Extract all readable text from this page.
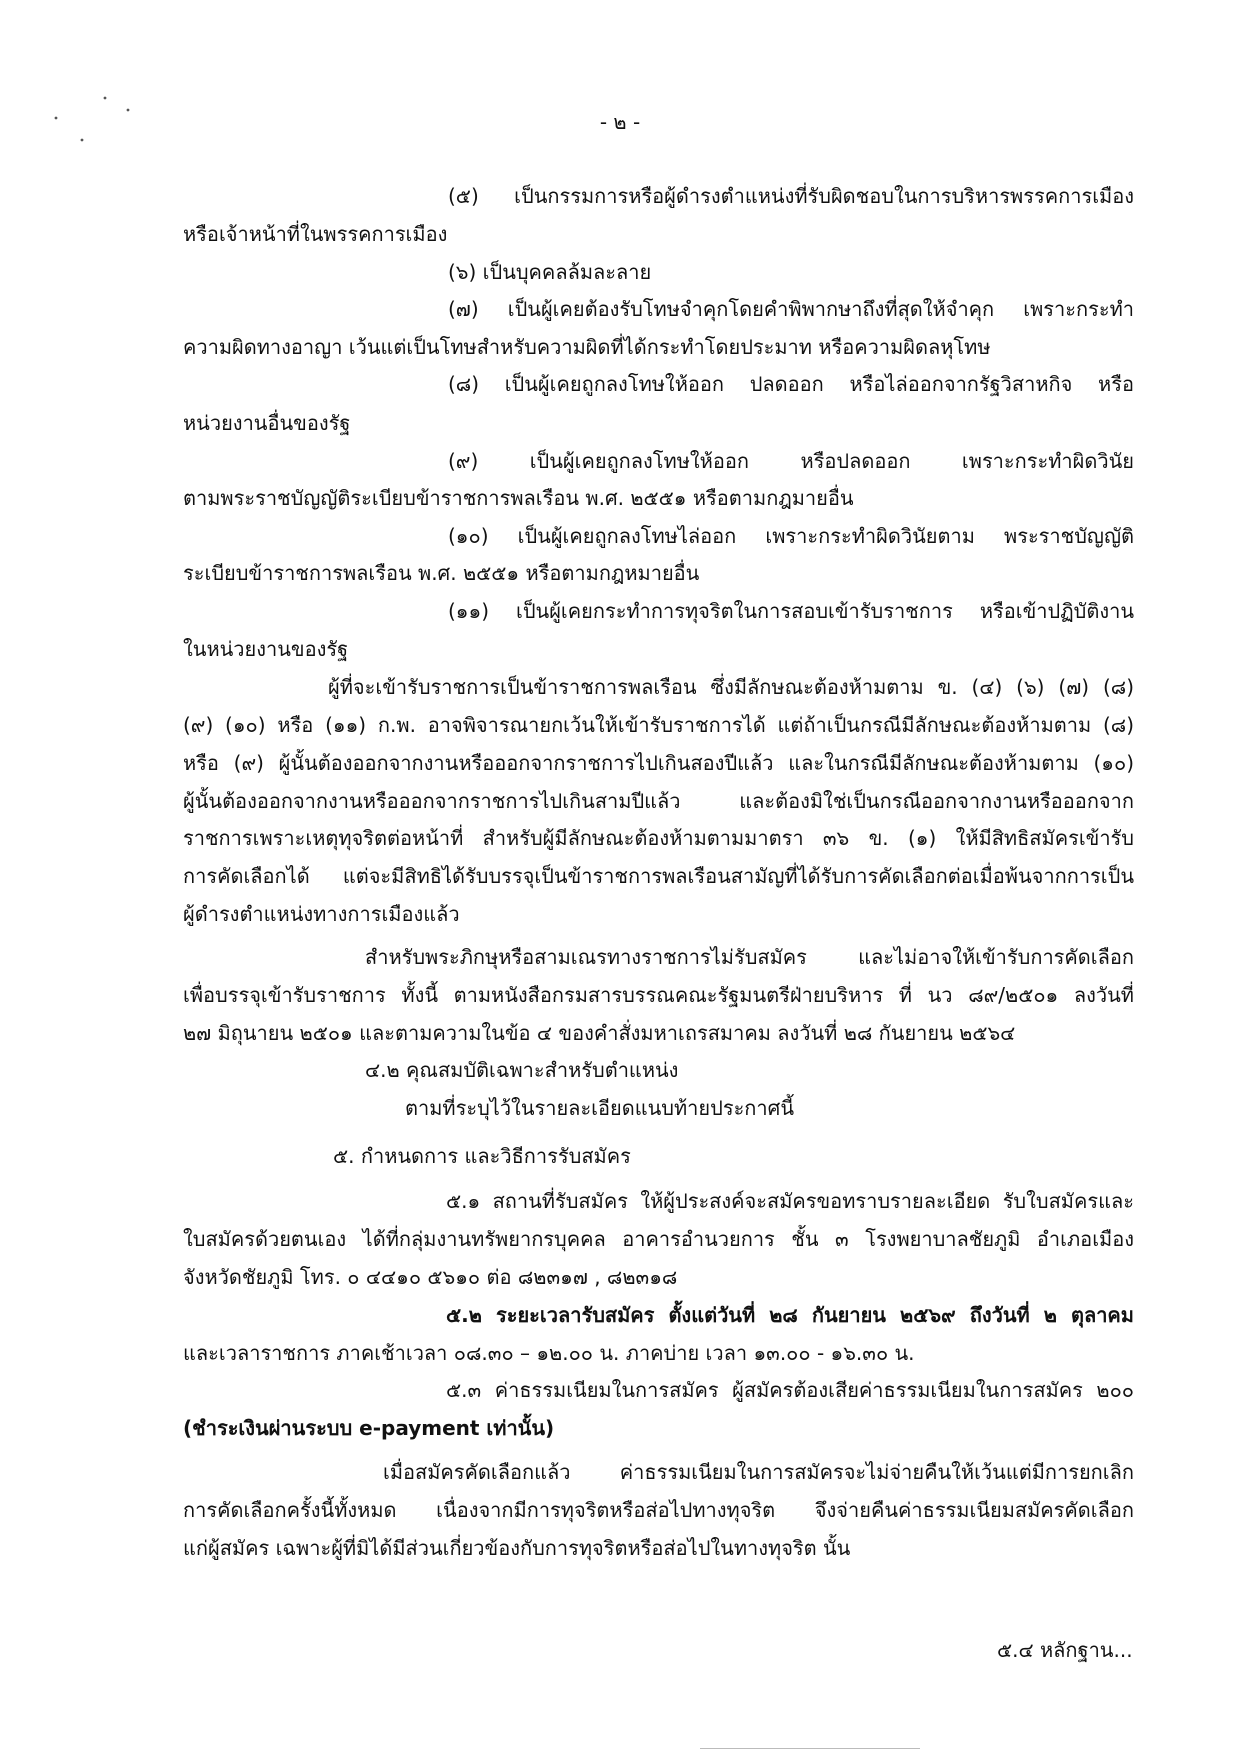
- ๒ -
(๕) เป็นกรรมการหรือผู้ดำรงตำแหน่งที่รับผิดชอบในการบริหารพรรคการเมือง
หรือเจ้าหน้าที่ในพรรคการเมือง
(๖) เป็นบุคคลล้มละลาย
(๗) เป็นผู้เคยต้องรับโทษจำคุกโดยคำพิพากษาถึงที่สุดให้จำคุก เพราะกระทำ
ความผิดทางอาญา เว้นแต่เป็นโทษสำหรับความผิดที่ได้กระทำโดยประมาท หรือความผิดลหุโทษ
(๘) เป็นผู้เคยถูกลงโทษให้ออก ปลดออก หรือไล่ออกจากรัฐวิสาหกิจ หรือ
หน่วยงานอื่นของรัฐ
(๙) เป็นผู้เคยถูกลงโทษให้ออก หรือปลดออก เพราะกระทำผิดวินัย
ตามพระราชบัญญัติระเบียบข้าราชการพลเรือน พ.ศ. ๒๕๕๑ หรือตามกฎมายอื่น
(๑๐) เป็นผู้เคยถูกลงโทษไล่ออก เพราะกระทำผิดวินัยตาม พระราชบัญญัติ
ระเบียบข้าราชการพลเรือน พ.ศ. ๒๕๕๑ หรือตามกฎหมายอื่น
(๑๑) เป็นผู้เคยกระทำการทุจริตในการสอบเข้ารับราชการ หรือเข้าปฏิบัติงาน
ในหน่วยงานของรัฐ
ผู้ที่จะเข้ารับราชการเป็นข้าราชการพลเรือน ซึ่งมีลักษณะต้องห้ามตาม ข. (๔) (๖) (๗) (๘)
(๙) (๑๐) หรือ (๑๑) ก.พ. อาจพิจารณายกเว้นให้เข้ารับราชการได้ แต่ถ้าเป็นกรณีมีลักษณะต้องห้ามตาม (๘)
หรือ (๙) ผู้นั้นต้องออกจากงานหรือออกจากราชการไปเกินสองปีแล้ว และในกรณีมีลักษณะต้องห้ามตาม (๑๐)
ผู้นั้นต้องออกจากงานหรือออกจากราชการไปเกินสามปีแล้ว และต้องมิใช่เป็นกรณีออกจากงานหรือออกจาก
ราชการเพราะเหตุทุจริตต่อหน้าที่ สำหรับผู้มีลักษณะต้องห้ามตามมาตรา ๓๖ ข. (๑) ให้มีสิทธิสมัครเข้ารับ
การคัดเลือกได้ แต่จะมีสิทธิได้รับบรรจุเป็นข้าราชการพลเรือนสามัญที่ได้รับการคัดเลือกต่อเมื่อพ้นจากการเป็น
ผู้ดำรงตำแหน่งทางการเมืองแล้ว
สำหรับพระภิกษุหรือสามเณรทางราชการไม่รับสมัคร และไม่อาจให้เข้ารับการคัดเลือก
เพื่อบรรจุเข้ารับราชการ ทั้งนี้ ตามหนังสือกรมสารบรรณคณะรัฐมนตรีฝ่ายบริหาร ที่ นว ๘๙/๒๕๐๑ ลงวันที่
๒๗ มิถุนายน ๒๕๐๑ และตามความในข้อ ๔ ของคำสั่งมหาเถรสมาคม ลงวันที่ ๒๘ กันยายน ๒๕๖๔
๔.๒ คุณสมบัติเฉพาะสำหรับตำแหน่ง
ตามที่ระบุไว้ในรายละเอียดแนบท้ายประกาศนี้
๕. กำหนดการ และวิธีการรับสมัคร
๕.๑ สถานที่รับสมัคร ให้ผู้ประสงค์จะสมัครขอทราบรายละเอียด รับใบสมัครและ
ใบสมัครด้วยตนเอง ได้ที่กลุ่มงานทรัพยากรบุคคล อาคารอำนวยการ ชั้น ๓ โรงพยาบาลชัยภูมิ อำเภอเมือง
จังหวัดชัยภูมิ โทร. ๐ ๔๔๑๐ ๕๖๑๐ ต่อ ๘๒๓๑๗ , ๘๒๓๑๘
๕.๒ ระยะเวลารับสมัคร ตั้งแต่วันที่ ๒๘ กันยายน ๒๕๖๙ ถึงวันที่ ๒ ตุลาคม
และเวลาราชการ ภาคเช้าเวลา ๐๘.๓๐ – ๑๒.๐๐ น. ภาคบ่าย เวลา ๑๓.๐๐ - ๑๖.๓๐ น.
๕.๓ ค่าธรรมเนียมในการสมัคร ผู้สมัครต้องเสียค่าธรรมเนียมในการสมัคร ๒๐๐
(ชำระเงินผ่านระบบ e-payment เท่านั้น)
เมื่อสมัครคัดเลือกแล้ว ค่าธรรมเนียมในการสมัครจะไม่จ่ายคืนให้เว้นแต่มีการยกเลิก
การคัดเลือกครั้งนี้ทั้งหมด เนื่องจากมีการทุจริตหรือส่อไปทางทุจริต จึงจ่ายคืนค่าธรรมเนียมสมัครคัดเลือก
แก่ผู้สมัคร เฉพาะผู้ที่มิได้มีส่วนเกี่ยวข้องกับการทุจริตหรือส่อไปในทางทุจริต นั้น
๕.๔ หลักฐาน...
